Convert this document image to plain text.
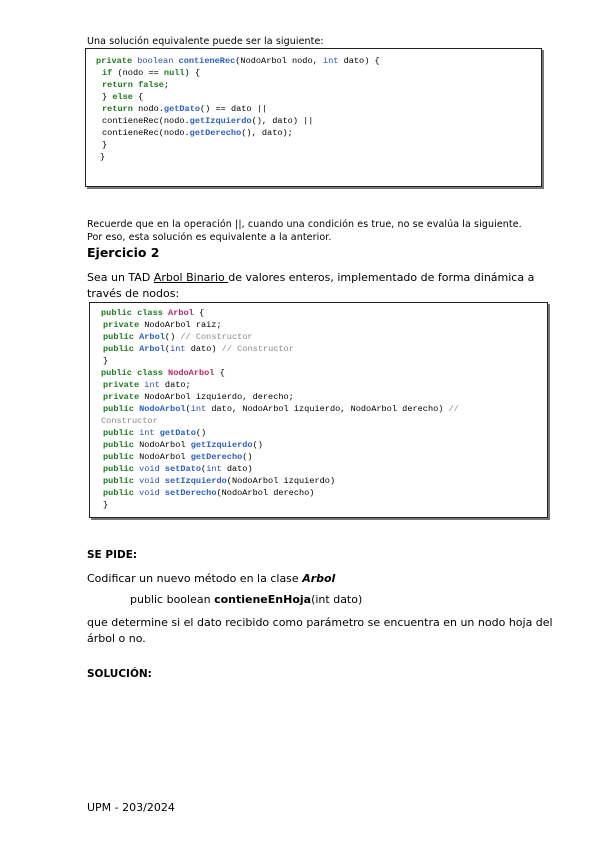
Una solución equivalente puede ser la siguiente:
private boolean contieneRec(NodoArbol nodo, int dato) {
if (nodo == null) {
return false;
} else {
return nodo.getDato() == dato ||
contieneRec(nodo.getIzquierdo(), dato) ||
contieneRec(nodo.getDerecho(), dato);
}
}
Recuerde que en la operación ||, cuando una condición es true, no se evalúa la siguiente.
Por eso, esta solución es equivalente a la anterior.
Ejercicio 2
Sea un TAD Arbol Binario de valores enteros, implementado de forma dinámica a
través de nodos:
public class Arbol {
private NodoArbol raiz;
public Arbol() // Constructor
public Arbol(int dato) // Constructor
}
public class NodoArbol {
private int dato;
private NodoArbol izquierdo, derecho;
public NodoArbol(int dato, NodoArbol izquierdo, NodoArbol derecho) //
Constructor
public int getDato()
public NodoArbol getIzquierdo()
public NodoArbol getDerecho()
public void setDato(int dato)
public void setIzquierdo(NodoArbol izquierdo)
public void setDerecho(NodoArbol derecho)
}
SE PIDE:
Codificar un nuevo método en la clase Arbol
public boolean contieneEnHoja(int dato)
que determine si el dato recibido como parámetro se encuentra en un nodo hoja del
árbol o no.
SOLUCIÓN:
UPM - 203/2024
